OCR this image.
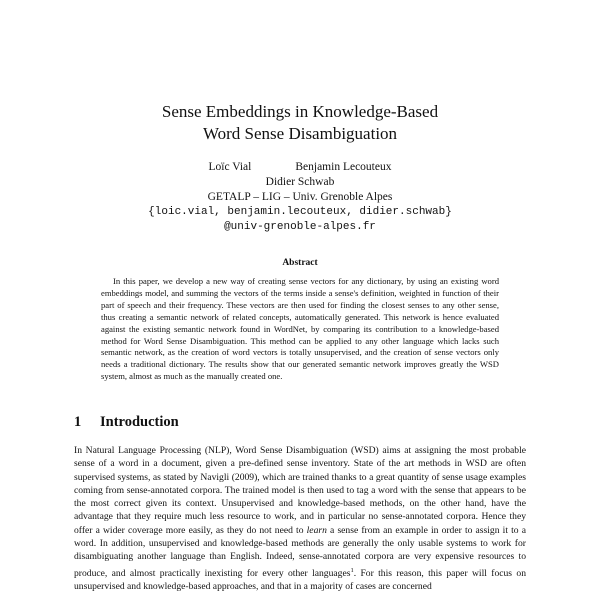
Sense Embeddings in Knowledge-Based
Word Sense Disambiguation
Loïc Vial	Benjamin Lecouteux
Didier Schwab
GETALP – LIG – Univ. Grenoble Alpes
{loic.vial, benjamin.lecouteux, didier.schwab}
@univ-grenoble-alpes.fr
Abstract

In this paper, we develop a new way of creating sense vectors for any dictionary, by using an existing word embeddings model, and summing the vectors of the terms inside a sense's definition, weighted in function of their part of speech and their frequency. These vectors are then used for finding the closest senses to any other sense, thus creating a semantic network of related concepts, automatically generated. This network is hence evaluated against the existing semantic network found in WordNet, by comparing its contribution to a knowledge-based method for Word Sense Disambiguation. This method can be applied to any other language which lacks such semantic network, as the creation of word vectors is totally unsupervised, and the creation of sense vectors only needs a traditional dictionary. The results show that our generated semantic network improves greatly the WSD system, almost as much as the manually created one.

1 Introduction

In Natural Language Processing (NLP), Word Sense Disambiguation (WSD) aims at assigning the most probable sense of a word in a document, given a pre-defined sense inventory. State of the art methods in WSD are often supervised systems, as stated by Navigli (2009), which are trained thanks to a great quantity of sense usage examples coming from sense-annotated corpora. The trained model is then used to tag a word with the sense that appears to be the most correct given its context. Unsupervised and knowledge-based methods, on the other hand, have the advantage that they require much less resource to work, and in particular no sense-annotated corpora. Hence they offer a wider coverage more easily, as they do not need to learn a sense from an example in order to assign it to a word. In addition, unsupervised and knowledge-based methods are generally the only usable systems to work for disambiguating another language than English. Indeed, sense-annotated corpora are very expensive resources to produce, and almost practically inexisting for every other languages$^1$. For this reason, this paper will focus on unsupervised and knowledge-based approaches, and that in a majority of cases are concerned
